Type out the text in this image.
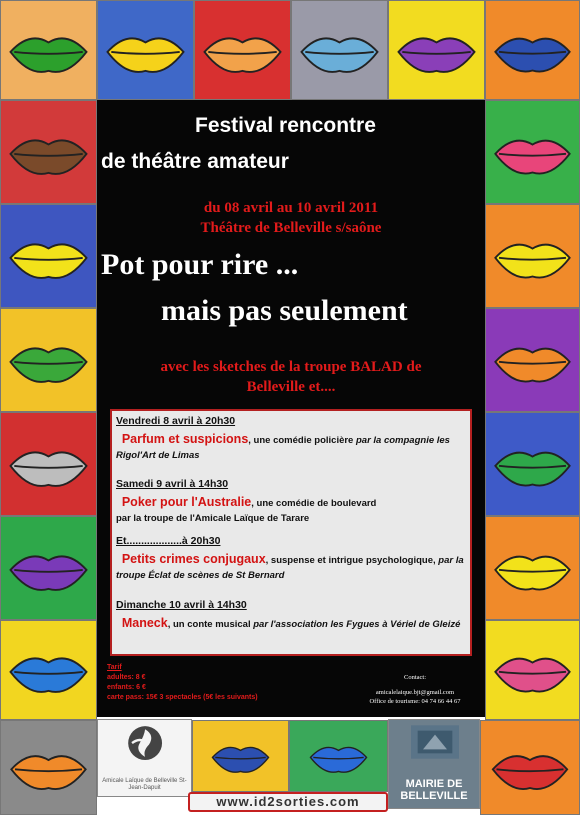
Amicale Laïque de Belleville St-Jean-Dapuit	MAIRIE DE BELLEVILLE
Festival rencontre
de théâtre amateur
du 08 avril au 10 avril 2011
Théâtre de Belleville s/saône
Pot pour rire ...
mais pas seulement
avec les sketches de la troupe BALAD de
Belleville et....
Vendredi 8 avril à 20h30
Parfum et suspicions, une comédie policière par la compagnie les Rigol'Art de Limas
Samedi 9 avril à 14h30
Poker pour l'Australie, une comédie de boulevard
par la troupe de l'Amicale Laïque de Tarare
Et...................à 20h30
Petits crimes conjugaux, suspense et intrigue psychologique, par la troupe Éclat de scènes de St Bernard
Dimanche 10 avril à 14h30
Maneck, un conte musical par l'association les Fygues à Vériel de Gleizé
Tarif
adultes: 8 €
enfants: 6 €
carte pass: 15€ 3 spectacles (5€ les suivants)
Contact:
amicalelaique.bjt@gmail.com
Office de tourisme: 04 74 66 44 67
www.id2sorties.com
